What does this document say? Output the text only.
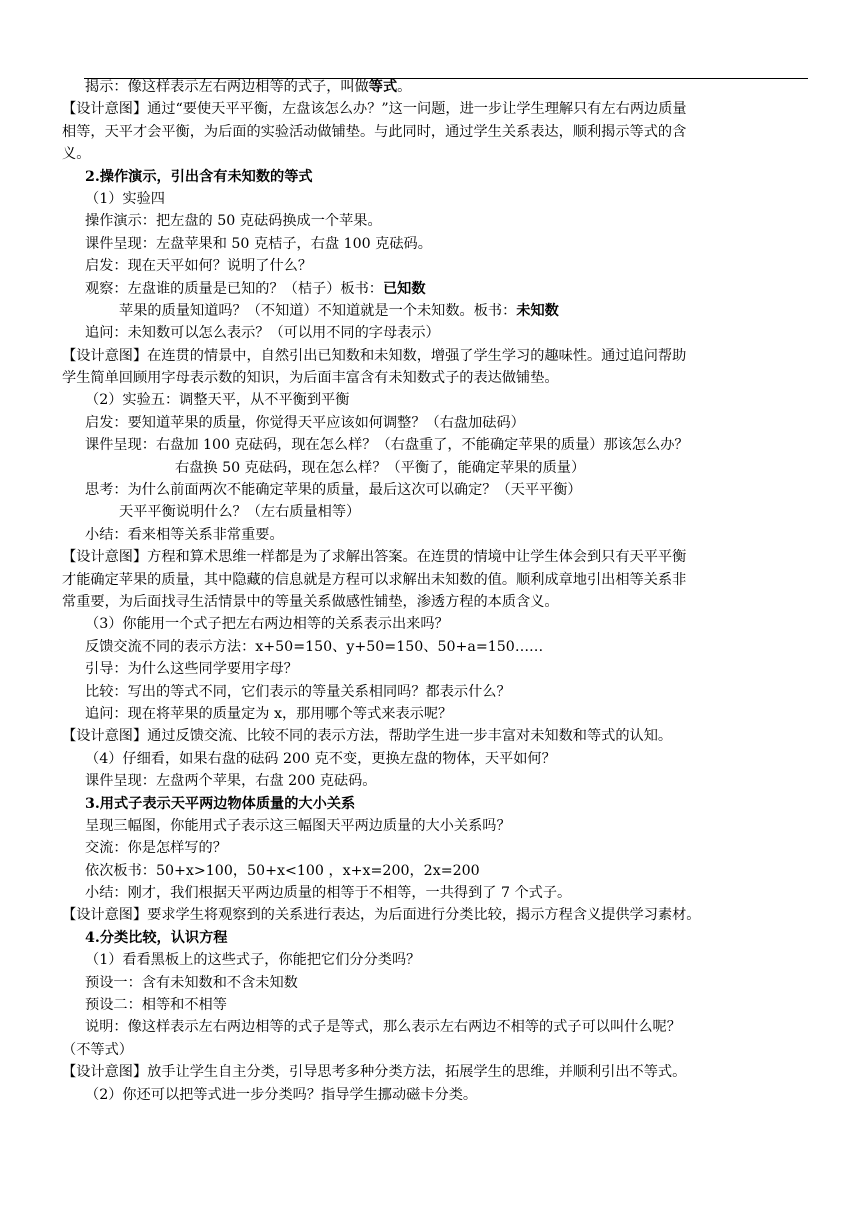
揭示：像这样表示左右两边相等的式子，叫做等式。
【设计意图】通过“要使天平平衡，左盘该怎么办？”这一问题，进一步让学生理解只有左右两边质量
相等，天平才会平衡，为后面的实验活动做铺垫。与此同时，通过学生关系表达，顺利揭示等式的含
义。
2.操作演示，引出含有未知数的等式
（1）实验四
操作演示：把左盘的 50 克砝码换成一个苹果。
课件呈现：左盘苹果和 50 克桔子，右盘 100 克砝码。
启发：现在天平如何？说明了什么？
观察：左盘谁的质量是已知的？（桔子）板书：已知数
苹果的质量知道吗？（不知道）不知道就是一个未知数。板书：未知数
追问：未知数可以怎么表示？（可以用不同的字母表示）
【设计意图】在连贯的情景中，自然引出已知数和未知数，增强了学生学习的趣味性。通过追问帮助
学生简单回顾用字母表示数的知识，为后面丰富含有未知数式子的表达做铺垫。
（2）实验五：调整天平，从不平衡到平衡
启发：要知道苹果的质量，你觉得天平应该如何调整？（右盘加砝码）
课件呈现：右盘加 100 克砝码，现在怎么样？（右盘重了，不能确定苹果的质量）那该怎么办？
右盘换 50 克砝码，现在怎么样？（平衡了，能确定苹果的质量）
思考：为什么前面两次不能确定苹果的质量，最后这次可以确定？（天平平衡）
天平平衡说明什么？（左右质量相等）
小结：看来相等关系非常重要。
【设计意图】方程和算术思维一样都是为了求解出答案。在连贯的情境中让学生体会到只有天平平衡
才能确定苹果的质量，其中隐藏的信息就是方程可以求解出未知数的值。顺利成章地引出相等关系非
常重要，为后面找寻生活情景中的等量关系做感性铺垫，渗透方程的本质含义。
（3）你能用一个式子把左右两边相等的关系表示出来吗？
反馈交流不同的表示方法：x+50=150、y+50=150、50+a=150……
引导：为什么这些同学要用字母？
比较：写出的等式不同，它们表示的等量关系相同吗？都表示什么？
追问：现在将苹果的质量定为 x，那用哪个等式来表示呢？
【设计意图】通过反馈交流、比较不同的表示方法，帮助学生进一步丰富对未知数和等式的认知。
（4）仔细看，如果右盘的砝码 200 克不变，更换左盘的物体，天平如何？
课件呈现：左盘两个苹果，右盘 200 克砝码。
3.用式子表示天平两边物体质量的大小关系
呈现三幅图，你能用式子表示这三幅图天平两边质量的大小关系吗？
交流：你是怎样写的？
依次板书：50+x>100，50+x<100 ，x+x=200，2x=200
小结：刚才，我们根据天平两边质量的相等于不相等，一共得到了 7 个式子。
【设计意图】要求学生将观察到的关系进行表达，为后面进行分类比较，揭示方程含义提供学习素材。
4.分类比较，认识方程
（1）看看黑板上的这些式子，你能把它们分分类吗？
预设一：含有未知数和不含未知数
预设二：相等和不相等
说明：像这样表示左右两边相等的式子是等式，那么表示左右两边不相等的式子可以叫什么呢？
（不等式）
【设计意图】放手让学生自主分类，引导思考多种分类方法，拓展学生的思维，并顺利引出不等式。
（2）你还可以把等式进一步分类吗？指导学生挪动磁卡分类。
